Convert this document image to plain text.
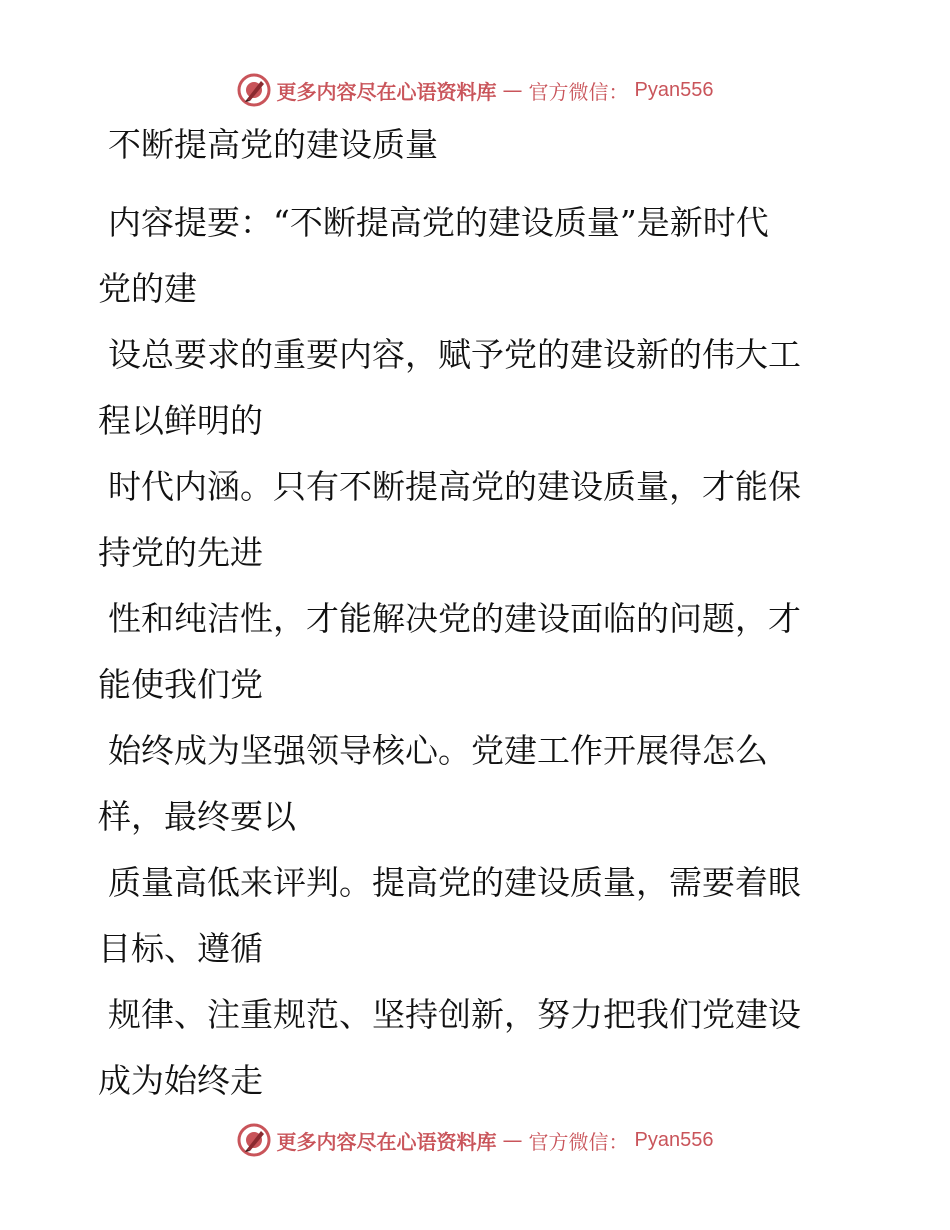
更多内容尽在心语资料库 — 官方微信： Pyan556
不断提高党的建设质量

内容提要：“不断提高党的建设质量”是新时代
党的建

设总要求的重要内容，赋予党的建设新的伟大工
程以鲜明的

时代内涵。只有不断提高党的建设质量，才能保
持党的先进

性和纯洁性，才能解决党的建设面临的问题，才
能使我们党

始终成为坚强领导核心。党建工作开展得怎么
样，最终要以

质量高低来评判。提高党的建设质量，需要着眼
目标、遵循

规律、注重规范、坚持创新，努力把我们党建设
成为始终走

更多内容尽在心语资料库 — 官方微信： Pyan556
